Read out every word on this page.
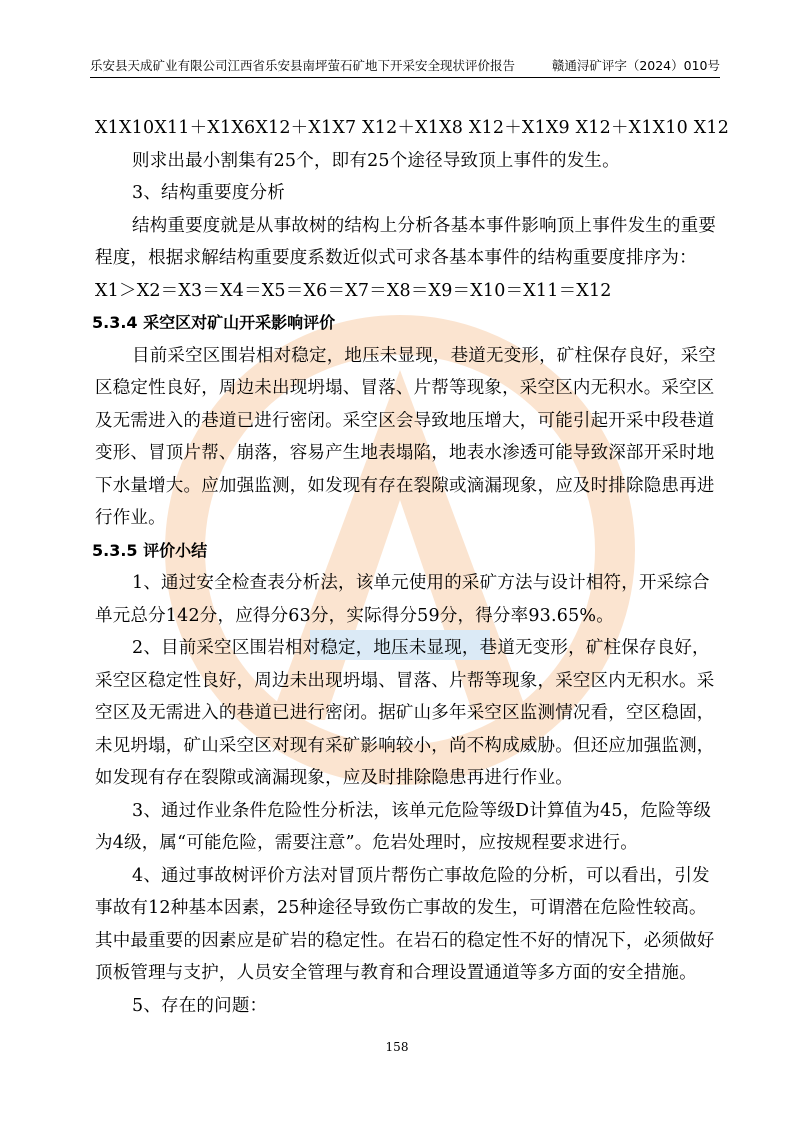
乐安县天成矿业有限公司江西省乐安县南坪萤石矿地下开采安全现状评价报告	赣通浔矿评字（2024）010号

X1X10X11＋X1X6X12＋X1X7 X12＋X1X8 X12＋X1X9 X12＋X1X10 X12

则求出最小割集有25个，即有25个途径导致顶上事件的发生。

3、结构重要度分析

结构重要度就是从事故树的结构上分析各基本事件影响顶上事件发生的重要程度，根据求解结构重要度系数近似式可求各基本事件的结构重要度排序为：X1＞X2＝X3＝X4＝X5＝X6＝X7＝X8＝X9＝X10＝X11＝X12

5.3.4 采空区对矿山开采影响评价

目前采空区围岩相对稳定，地压未显现，巷道无变形，矿柱保存良好，采空区稳定性良好，周边未出现坍塌、冒落、片帮等现象，采空区内无积水。采空区及无需进入的巷道已进行密闭。采空区会导致地压增大，可能引起开采中段巷道变形、冒顶片帮、崩落，容易产生地表塌陷，地表水渗透可能导致深部开采时地下水量增大。应加强监测，如发现有存在裂隙或滴漏现象，应及时排除隐患再进行作业。

5.3.5 评价小结

1、通过安全检查表分析法，该单元使用的采矿方法与设计相符，开采综合单元总分142分，应得分63分，实际得分59分，得分率93.65%。

2、目前采空区围岩相对稳定，地压未显现，巷道无变形，矿柱保存良好，采空区稳定性良好，周边未出现坍塌、冒落、片帮等现象，采空区内无积水。采空区及无需进入的巷道已进行密闭。据矿山多年采空区监测情况看，空区稳固，未见坍塌，矿山采空区对现有采矿影响较小，尚不构成威胁。但还应加强监测，如发现有存在裂隙或滴漏现象，应及时排除隐患再进行作业。

3、通过作业条件危险性分析法，该单元危险等级D计算值为45，危险等级为4级，属“可能危险，需要注意”。危岩处理时，应按规程要求进行。

4、通过事故树评价方法对冒顶片帮伤亡事故危险的分析，可以看出，引发事故有12种基本因素，25种途径导致伤亡事故的发生，可谓潜在危险性较高。其中最重要的因素应是矿岩的稳定性。在岩石的稳定性不好的情况下，必须做好顶板管理与支护，人员安全管理与教育和合理设置通道等多方面的安全措施。

5、存在的问题：

158
